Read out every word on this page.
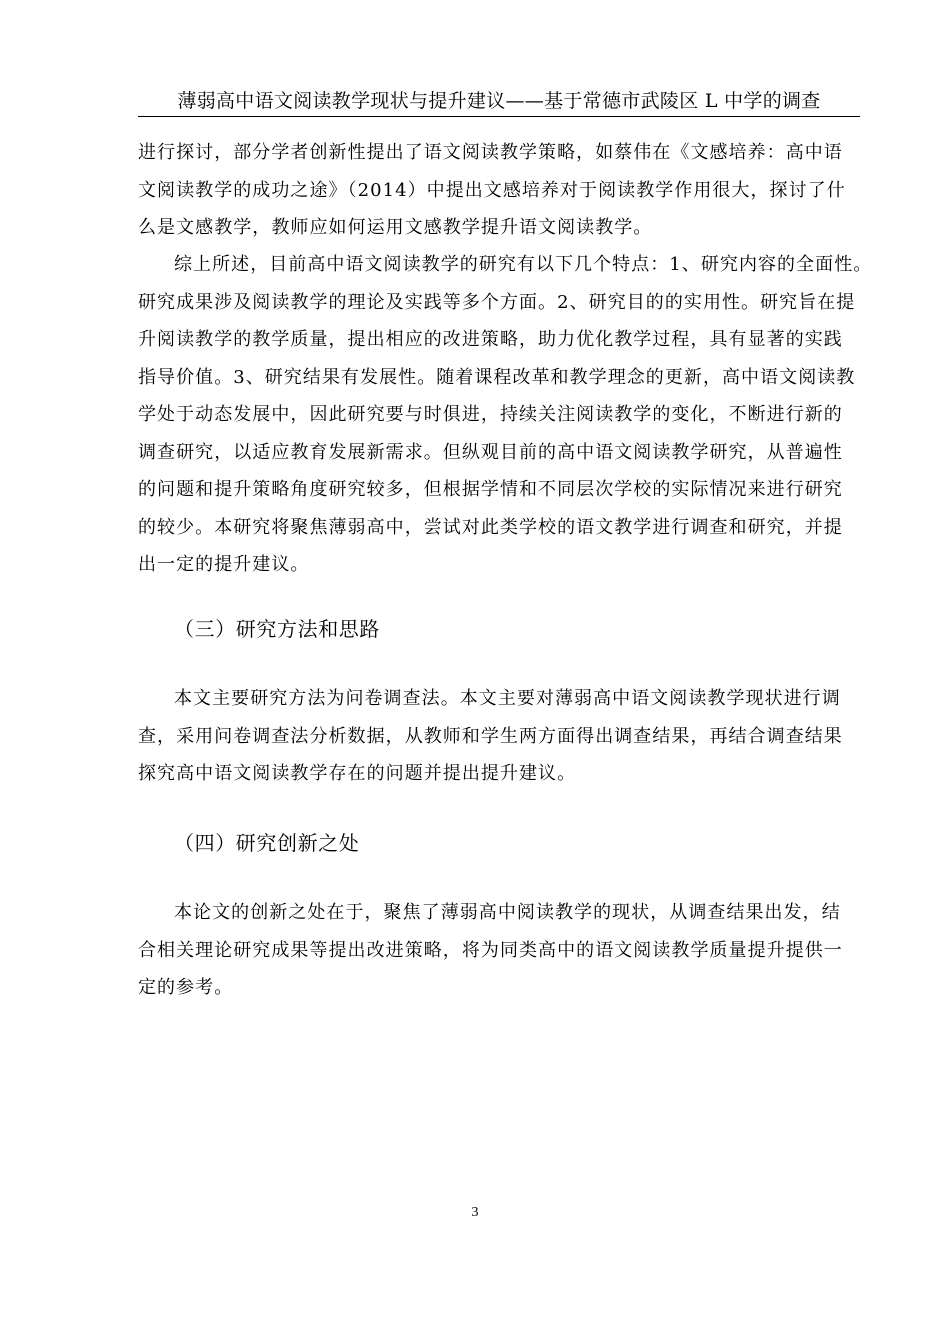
薄弱高中语文阅读教学现状与提升建议——基于常德市武陵区 L 中学的调查
进行探讨，部分学者创新性提出了语文阅读教学策略，如蔡伟在《文感培养：高中语
文阅读教学的成功之途》（2014）中提出文感培养对于阅读教学作用很大，探讨了什
么是文感教学，教师应如何运用文感教学提升语文阅读教学。
综上所述，目前高中语文阅读教学的研究有以下几个特点：1、研究内容的全面性。
研究成果涉及阅读教学的理论及实践等多个方面。2、研究目的的实用性。研究旨在提
升阅读教学的教学质量，提出相应的改进策略，助力优化教学过程，具有显著的实践
指导价值。3、研究结果有发展性。随着课程改革和教学理念的更新，高中语文阅读教
学处于动态发展中，因此研究要与时俱进，持续关注阅读教学的变化，不断进行新的
调查研究，以适应教育发展新需求。但纵观目前的高中语文阅读教学研究，从普遍性
的问题和提升策略角度研究较多，但根据学情和不同层次学校的实际情况来进行研究
的较少。本研究将聚焦薄弱高中，尝试对此类学校的语文教学进行调查和研究，并提
出一定的提升建议。
（三）研究方法和思路
本文主要研究方法为问卷调查法。本文主要对薄弱高中语文阅读教学现状进行调
查，采用问卷调查法分析数据，从教师和学生两方面得出调查结果，再结合调查结果
探究高中语文阅读教学存在的问题并提出提升建议。
（四）研究创新之处
本论文的创新之处在于，聚焦了薄弱高中阅读教学的现状，从调查结果出发，结
合相关理论研究成果等提出改进策略，将为同类高中的语文阅读教学质量提升提供一
定的参考。
3
